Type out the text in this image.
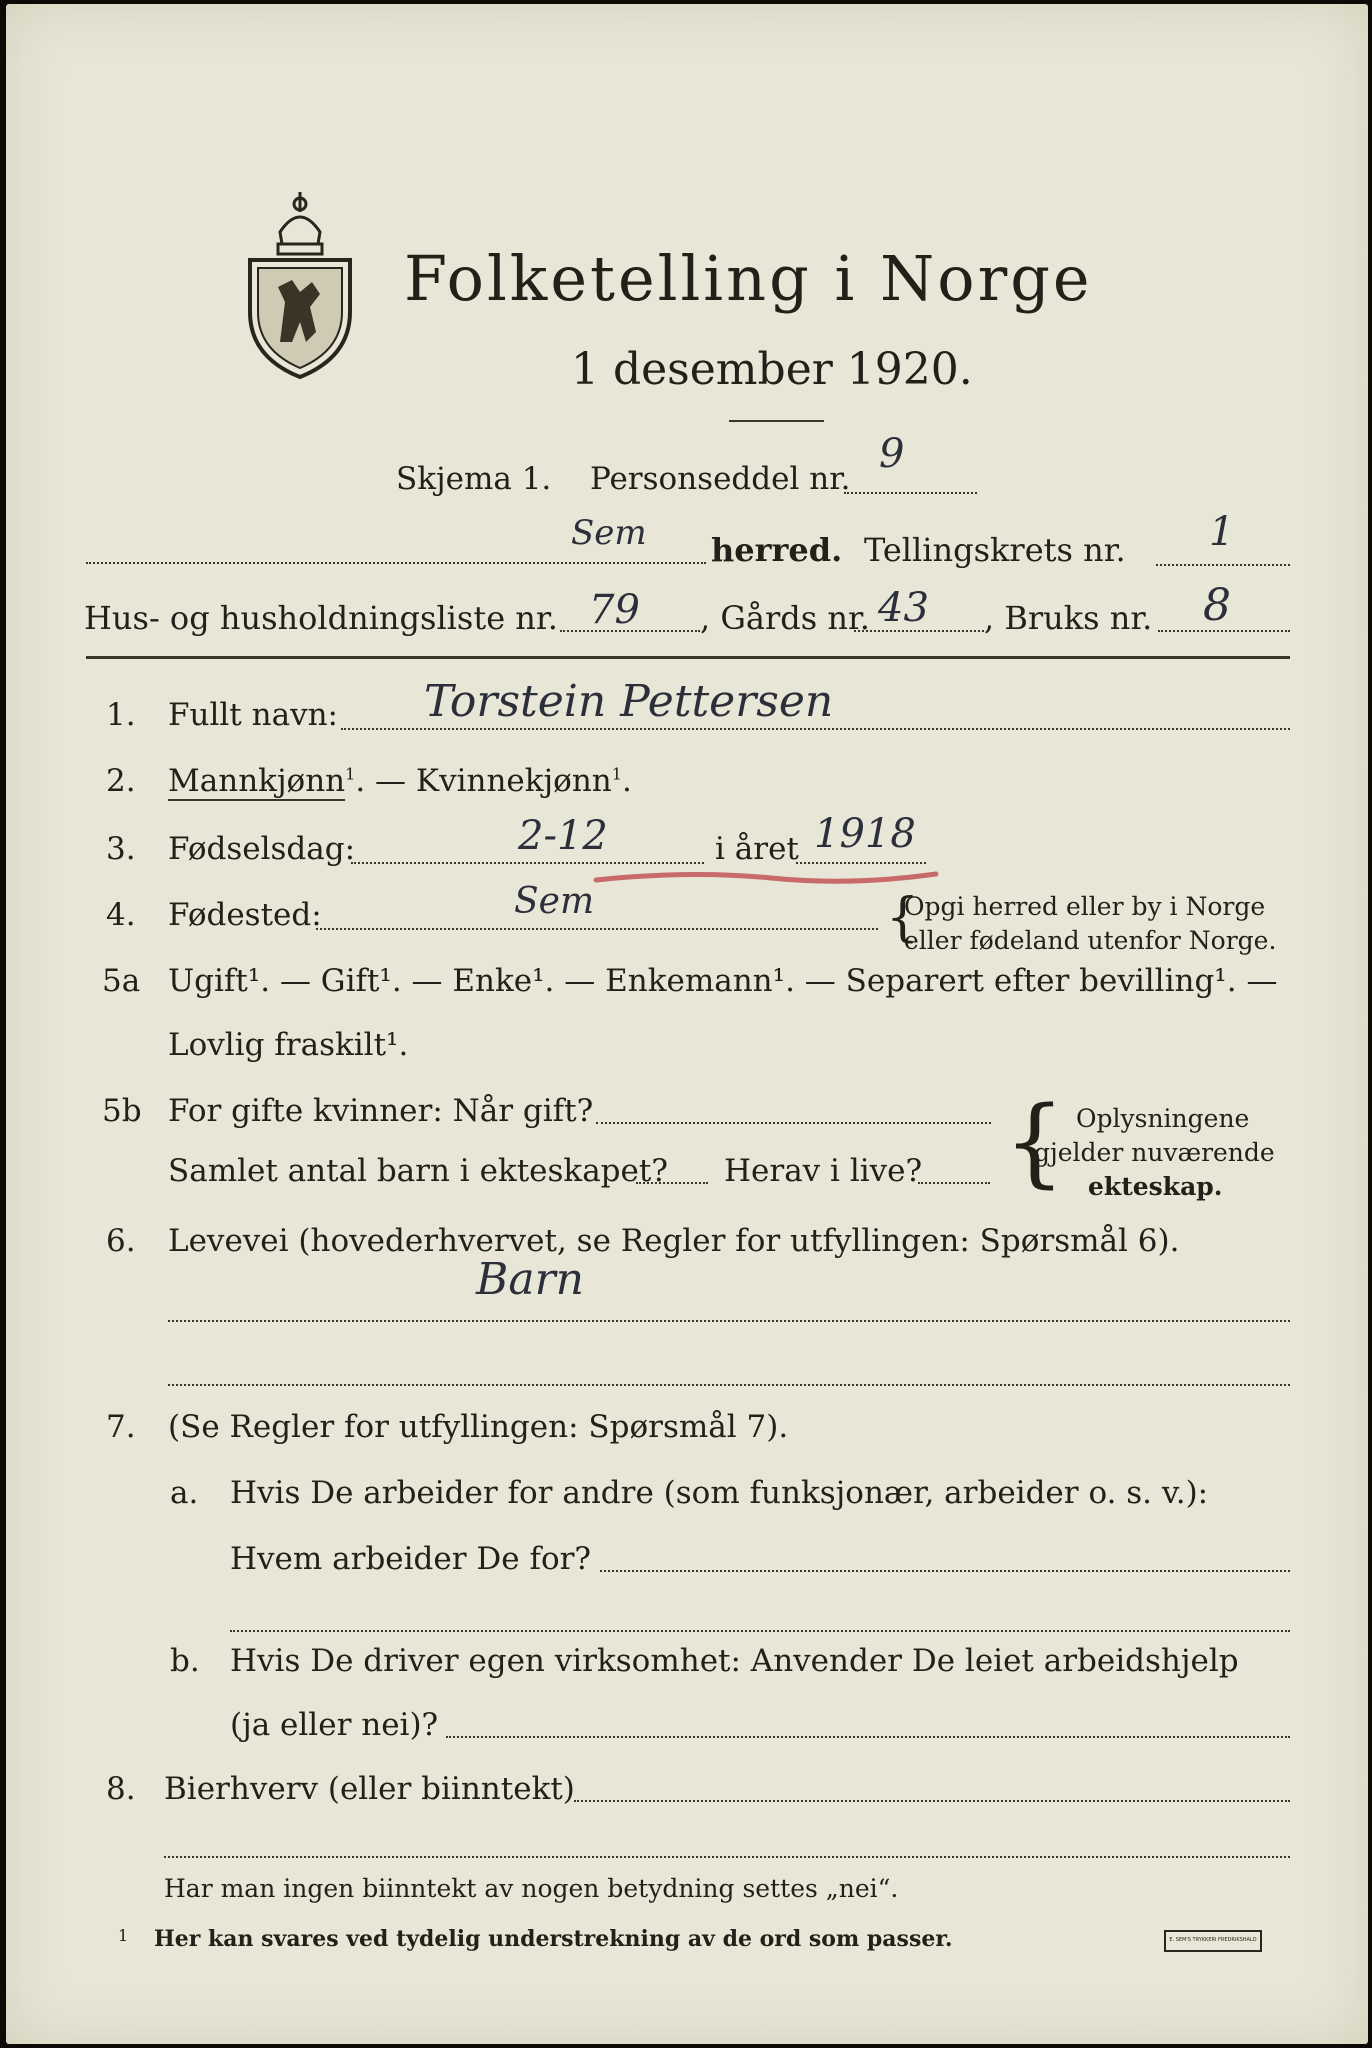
Folketelling i Norge
1 desember 1920.
Skjema 1. Personseddel nr.
9
Sem herred. Tellingskrets nr. 1
Hus- og husholdningsliste nr. 79 , Gårds nr. 43 , Bruks nr. 8
1. Fullt navn: Torstein Pettersen
2. Mannkjønn$^1$. — Kvinnekjønn$^1$.
3. Fødselsdag:	2-12	i året 1918
4. Fødested:	Sem	{
Opgi herred eller by i Norge
eller fødeland utenfor Norge.
5a Ugift¹. — Gift¹. — Enke¹. — Enkemann¹. — Separert efter bevilling¹. —
Lovlig fraskilt¹.
5b For gifte kvinner: Når gift?
Samlet antal barn i ekteskapet? Herav i live? { Oplysningene
gjelder nuværende
ekteskap.
6. Levevei (hovederhvervet, se Regler for utfyllingen: Spørsmål 6).
Barn
7. (Se Regler for utfyllingen: Spørsmål 7).
a. Hvis De arbeider for andre (som funksjonær, arbeider o. s. v.):
Hvem arbeider De for?
b. Hvis De driver egen virksomhet: Anvender De leiet arbeidshjelp
(ja eller nei)?
8. Bierhverv (eller biinntekt)
Har man ingen biinntekt av nogen betydning settes „nei“.
1 Her kan svares ved tydelig understrekning av de ord som passer.	E. SEM'S TRYKKERI FREDRIKSHALD
